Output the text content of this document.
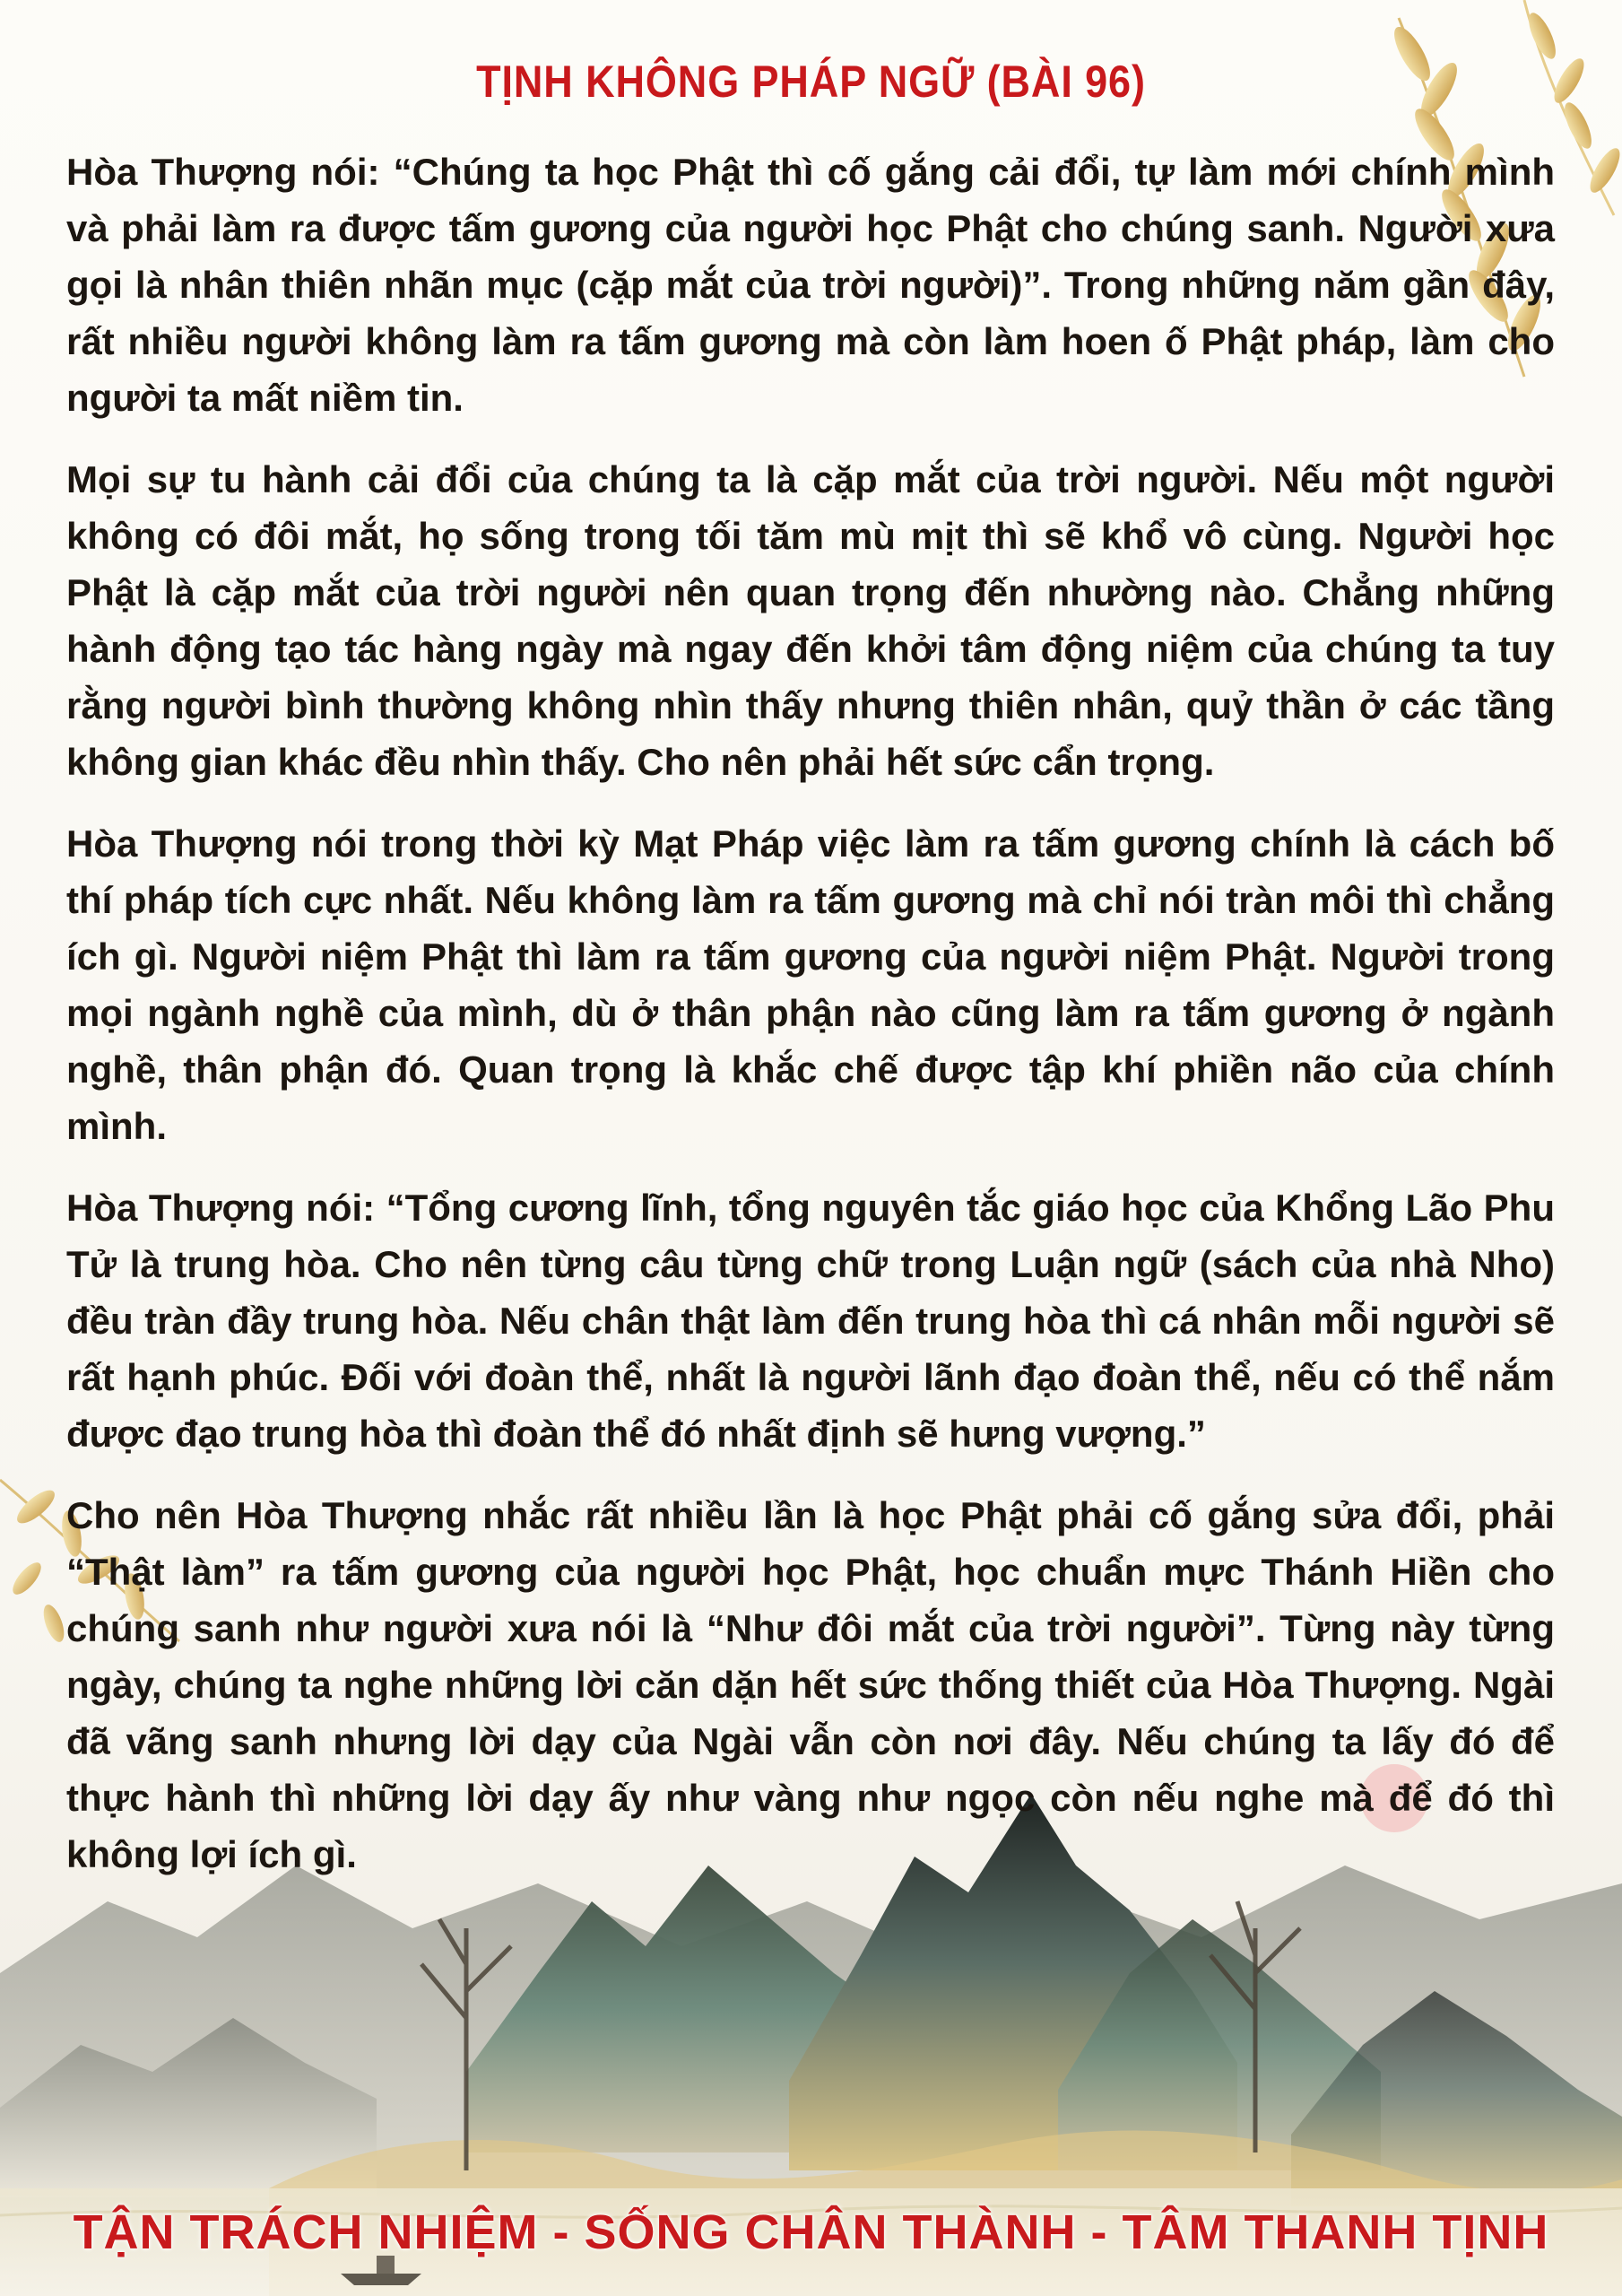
TỊNH KHÔNG PHÁP NGỮ (BÀI 96)

Hòa Thượng nói: “Chúng ta học Phật thì cố gắng cải đổi, tự làm mới chính mình và phải làm ra được tấm gương của người học Phật cho chúng sanh. Người xưa gọi là nhân thiên nhãn mục (cặp mắt của trời người)”. Trong những năm gần đây, rất nhiều người không làm ra tấm gương mà còn làm hoen ố Phật pháp, làm cho người ta mất niềm tin.

Mọi sự tu hành cải đổi của chúng ta là cặp mắt của trời người. Nếu một người không có đôi mắt, họ sống trong tối tăm mù mịt thì sẽ khổ vô cùng. Người học Phật là cặp mắt của trời người nên quan trọng đến nhường nào. Chẳng những hành động tạo tác hàng ngày mà ngay đến khởi tâm động niệm của chúng ta tuy rằng người bình thường không nhìn thấy nhưng thiên nhân, quỷ thần ở các tầng không gian khác đều nhìn thấy. Cho nên phải hết sức cẩn trọng.

Hòa Thượng nói trong thời kỳ Mạt Pháp việc làm ra tấm gương chính là cách bố thí pháp tích cực nhất. Nếu không làm ra tấm gương mà chỉ nói tràn môi thì chẳng ích gì. Người niệm Phật thì làm ra tấm gương của người niệm Phật. Người trong mọi ngành nghề của mình, dù ở thân phận nào cũng làm ra tấm gương ở ngành nghề, thân phận đó. Quan trọng là khắc chế được tập khí phiền não của chính mình.

Hòa Thượng nói: “Tổng cương lĩnh, tổng nguyên tắc giáo học của Khổng Lão Phu Tử là trung hòa. Cho nên từng câu từng chữ trong Luận ngữ (sách của nhà Nho) đều tràn đầy trung hòa. Nếu chân thật làm đến trung hòa thì cá nhân mỗi người sẽ rất hạnh phúc. Đối với đoàn thể, nhất là người lãnh đạo đoàn thể, nếu có thể nắm được đạo trung hòa thì đoàn thể đó nhất định sẽ hưng vượng.”

Cho nên Hòa Thượng nhắc rất nhiều lần là học Phật phải cố gắng sửa đổi, phải “Thật làm” ra tấm gương của người học Phật, học chuẩn mực Thánh Hiền cho chúng sanh như người xưa nói là “Như đôi mắt của trời người”. Từng này từng ngày, chúng ta nghe những lời căn dặn hết sức thống thiết của Hòa Thượng. Ngài đã vãng sanh nhưng lời dạy của Ngài vẫn còn nơi đây. Nếu chúng ta lấy đó để thực hành thì những lời dạy ấy như vàng như ngọc còn nếu nghe mà để đó thì không lợi ích gì.

TẬN TRÁCH NHIỆM - SỐNG CHÂN THÀNH - TÂM THANH TỊNH
